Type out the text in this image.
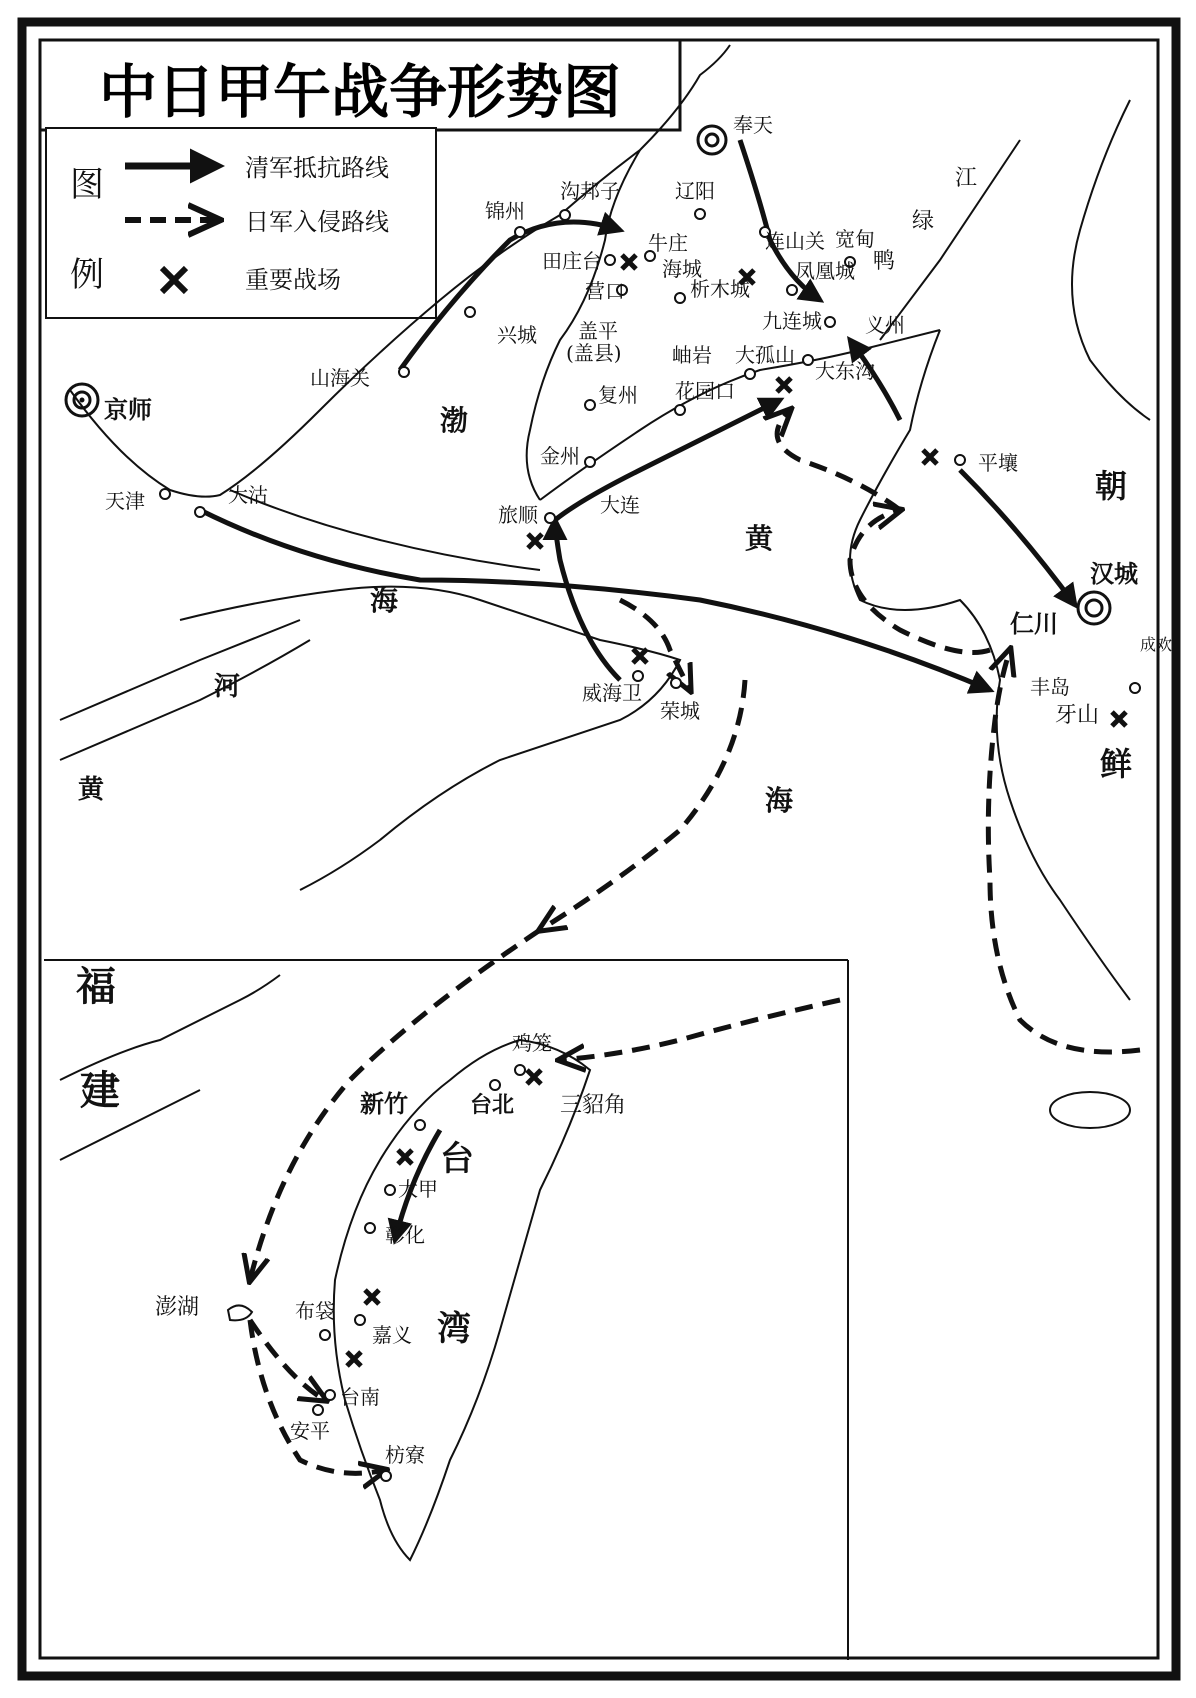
中日甲午战争形势图
图
例
清军抵抗路线
日军入侵路线
重要战场
渤
海
黄
海
河
黄
朝
鲜
福
建
台
湾
江
绿
鸭
京师
天津	大沽
山海关
兴城
锦州
沟邦子	辽阳
奉天
田庄台
牛庄
海城
营口	析木城
连山关 宽甸
凤凰城
九连城 义州
盖平
(盖县)	岫岩 大孤山
大东沟
复州 花园口
金州
大连
旅顺
平壤
汉城
仁川
丰岛
牙山
成欢
威海卫
荣城
鸡笼
台北 三貂角
新竹
大甲
彰化
澎湖	布袋
嘉义
台南
安平
枋寮
